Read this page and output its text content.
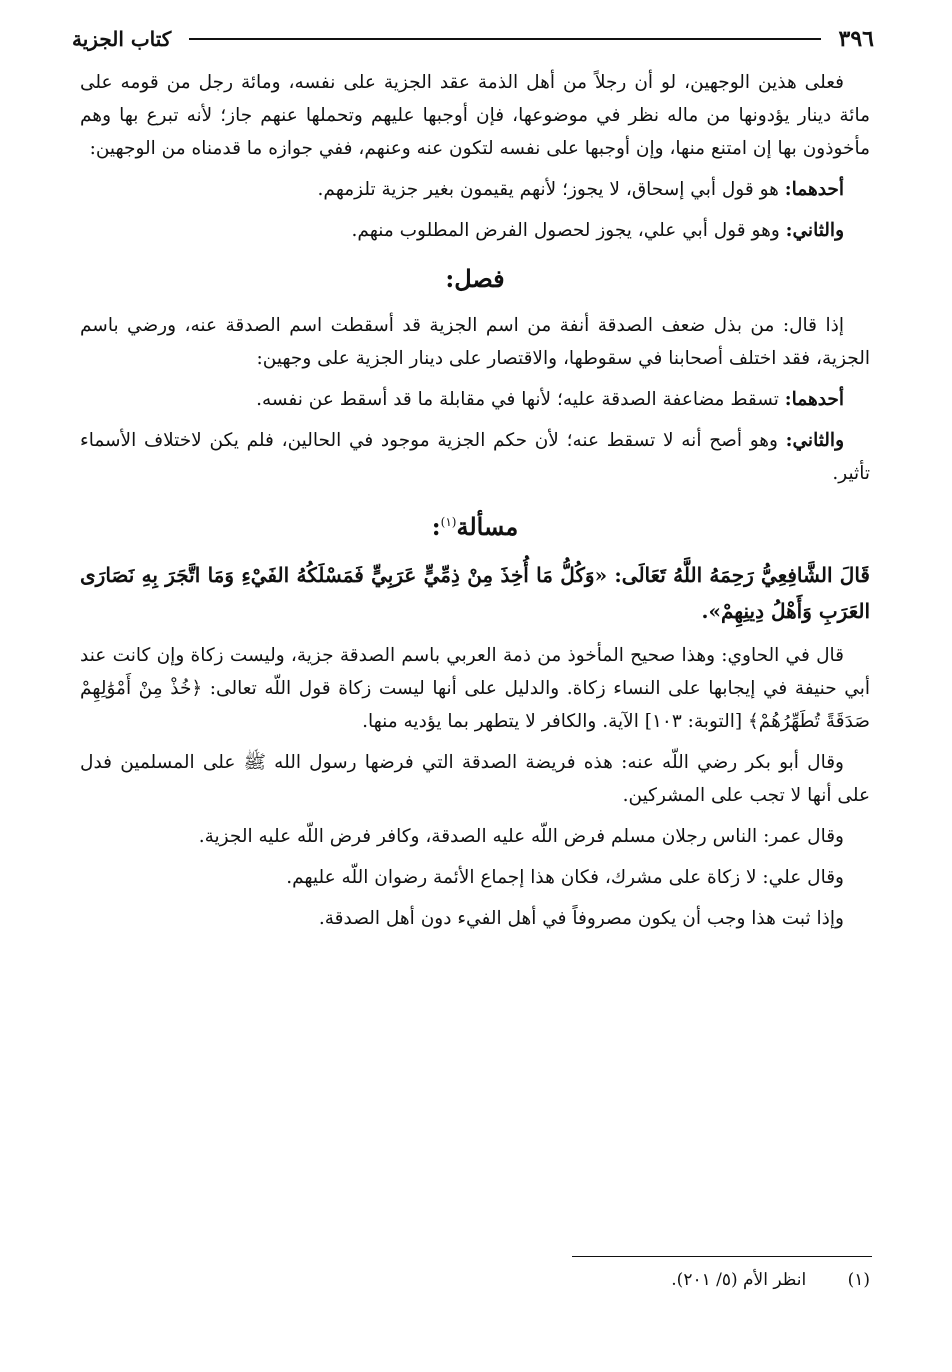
٣٩٦
كتاب الجزية

فعلى هذين الوجهين، لو أن رجلاً من أهل الذمة عقد الجزية على نفسه، ومائة رجل من قومه على مائة دينار يؤدونها من ماله نظر في موضوعها، فإن أوجبها عليهم وتحملها عنهم جاز؛ لأنه تبرع بها وهم مأخوذون بها إن امتنع منها، وإن أوجبها على نفسه لتكون عنه وعنهم، ففي جوازه ما قدمناه من الوجهين:

أحدهما: هو قول أبي إسحاق، لا يجوز؛ لأنهم يقيمون بغير جزية تلزمهم.

والثاني: وهو قول أبي علي، يجوز لحصول الفرض المطلوب منهم.

فصل:

إذا قال: من بذل ضعف الصدقة أنفة من اسم الجزية قد أسقطت اسم الصدقة عنه، ورضي باسم الجزية، فقد اختلف أصحابنا في سقوطها، والاقتصار على دينار الجزية على وجهين:

أحدهما: تسقط مضاعفة الصدقة عليه؛ لأنها في مقابلة ما قد أسقط عن نفسه.

والثاني: وهو أصح أنه لا تسقط عنه؛ لأن حكم الجزية موجود في الحالين، فلم يكن لاختلاف الأسماء تأثير.

مسألة$^{(١)}$:

قَالَ الشَّافِعِيُّ رَحِمَهُ اللَّهُ تَعَالَى: «وَكُلُّ مَا أُخِذَ مِنْ ذِمِّيٍّ عَرَبِيٍّ فَمَسْلَكُهُ الفَيْءِ وَمَا اتَّجَرَ بِهِ نَصَارَى العَرَبِ وَأَهْلُ دِينِهِمْ».

قال في الحاوي: وهذا صحيح المأخوذ من ذمة العربي باسم الصدقة جزية، وليست زكاة وإن كانت عند أبي حنيفة في إيجابها على النساء زكاة. والدليل على أنها ليست زكاة قول اللّه تعالى: ﴿خُذْ مِنْ أَمْوَٰلِهِمْ صَدَقَةً تُطَهِّرُهُمْ﴾ [التوبة: ١٠٣] الآية. والكافر لا يتطهر بما يؤديه منها.

وقال أبو بكر رضي اللّه عنه: هذه فريضة الصدقة التي فرضها رسول الله ﷺ على المسلمين فدل على أنها لا تجب على المشركين.

وقال عمر: الناس رجلان مسلم فرض اللّه عليه الصدقة، وكافر فرض اللّه عليه الجزية.

وقال علي: لا زكاة على مشرك، فكان هذا إجماع الأئمة رضوان اللّه عليهم.

وإذا ثبت هذا وجب أن يكون مصروفاً في أهل الفيء دون أهل الصدقة.

(١) انظر الأم (٥/ ٢٠١).
